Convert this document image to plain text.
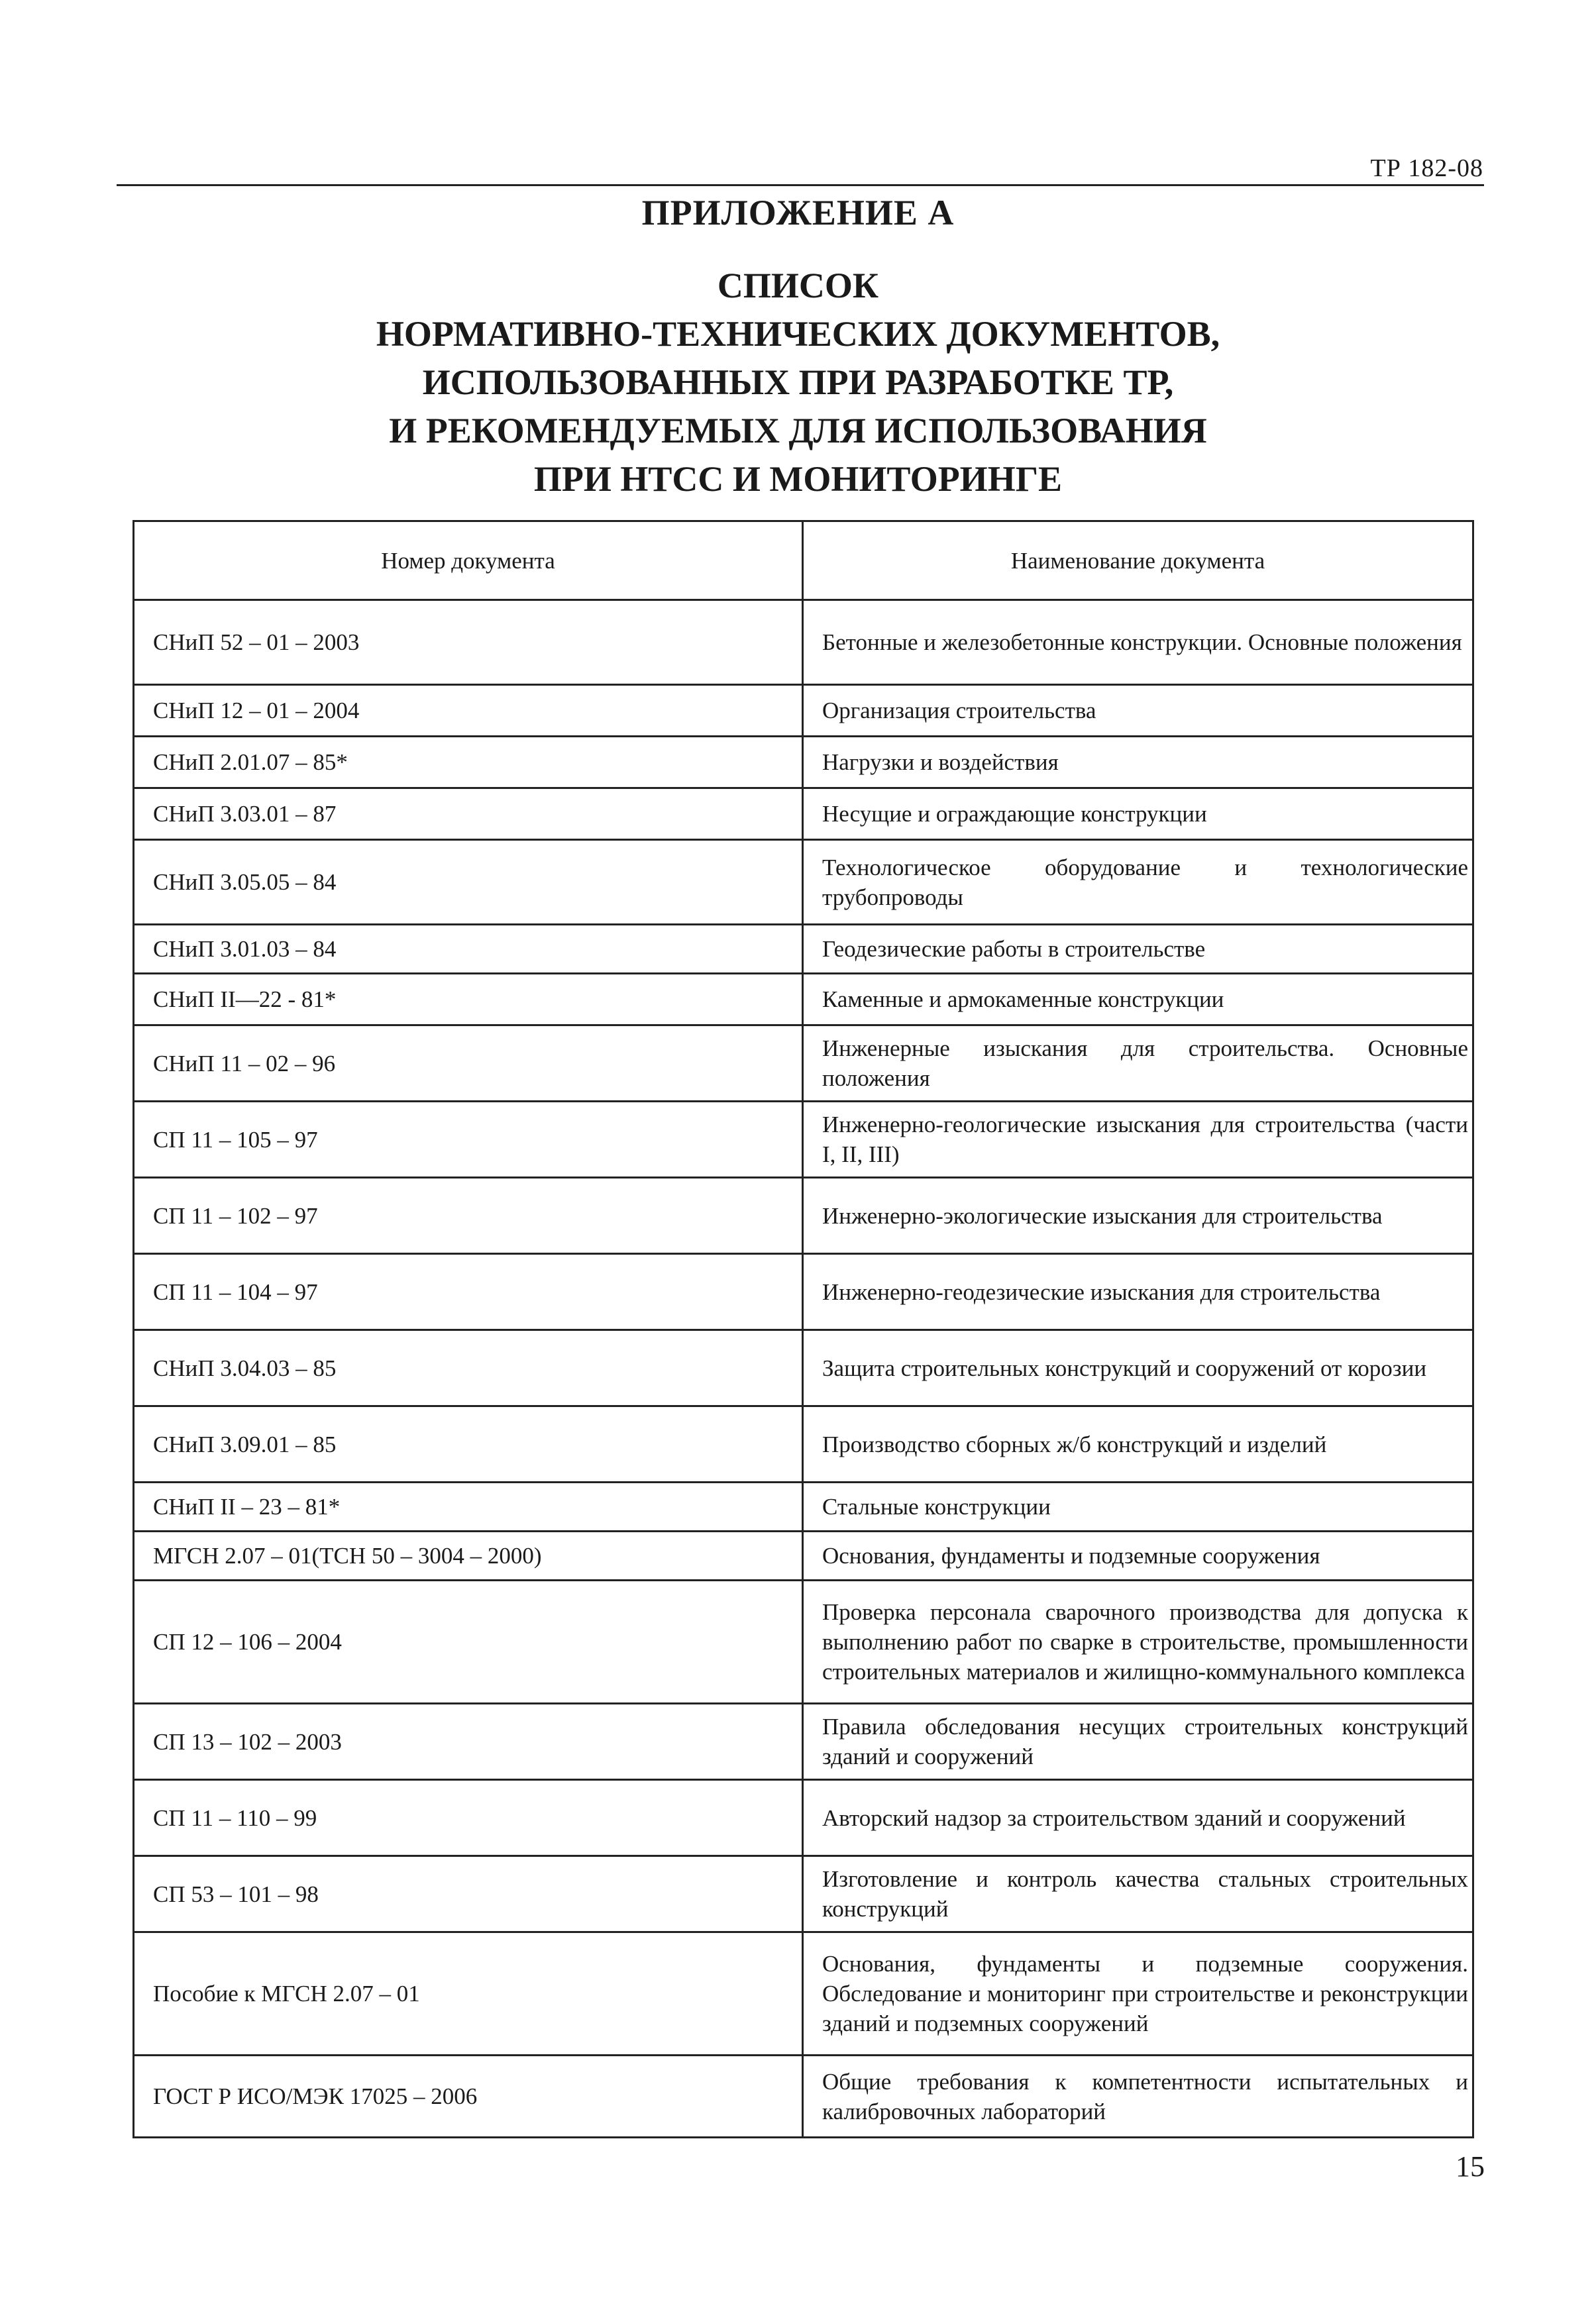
ТР 182-08
ПРИЛОЖЕНИЕ А
СПИСОК
НОРМАТИВНО-ТЕХНИЧЕСКИХ ДОКУМЕНТОВ,
ИСПОЛЬЗОВАННЫХ ПРИ РАЗРАБОТКЕ ТР,
И РЕКОМЕНДУЕМЫХ ДЛЯ ИСПОЛЬЗОВАНИЯ
ПРИ НТСС И МОНИТОРИНГЕ
Номер документа	Наименование документа
СНиП 52 – 01 – 2003	Бетонные и железобетонные конструкции. Основные положения
СНиП 12 – 01 – 2004	Организация строительства
СНиП 2.01.07 – 85*	Нагрузки и воздействия
СНиП 3.03.01 – 87	Несущие и ограждающие конструкции
СНиП 3.05.05 – 84	Технологическое оборудование и технологические трубопроводы
СНиП 3.01.03 – 84	Геодезические работы в строительстве
СНиП II—22 - 81*	Каменные и армокаменные конструкции
СНиП 11 – 02 – 96	Инженерные изыскания для строительства. Основные положения
СП 11 – 105 – 97	Инженерно-геологические изыскания для строительства (части I, II, III)
СП 11 – 102 – 97	Инженерно-экологические изыскания для строительства
СП 11 – 104 – 97	Инженерно-геодезические изыскания для строительства
СНиП 3.04.03 – 85	Защита строительных конструкций и сооружений от корозии
СНиП 3.09.01 – 85	Производство сборных ж/б конструкций и изделий
СНиП II – 23 – 81*	Стальные конструкции
МГСН 2.07 – 01(ТСН 50 – 3004 – 2000)	Основания, фундаменты и подземные сооружения
СП 12 – 106 – 2004	Проверка персонала сварочного производства для допуска к выполнению работ по сварке в строительстве, промышленности строительных материалов и жилищно-коммунального комплекса
СП 13 – 102 – 2003	Правила обследования несущих строительных конструкций зданий и сооружений
СП 11 – 110 – 99	Авторский надзор за строительством зданий и сооружений
СП 53 – 101 – 98	Изготовление и контроль качества стальных строительных конструкций
Пособие к МГСН 2.07 – 01	Основания, фундаменты и подземные сооружения. Обследование и мониторинг при строительстве и реконструкции зданий и подземных сооружений
ГОСТ Р ИСО/МЭК 17025 – 2006	Общие требования к компетентности испытательных и калибровочных лабораторий
15
